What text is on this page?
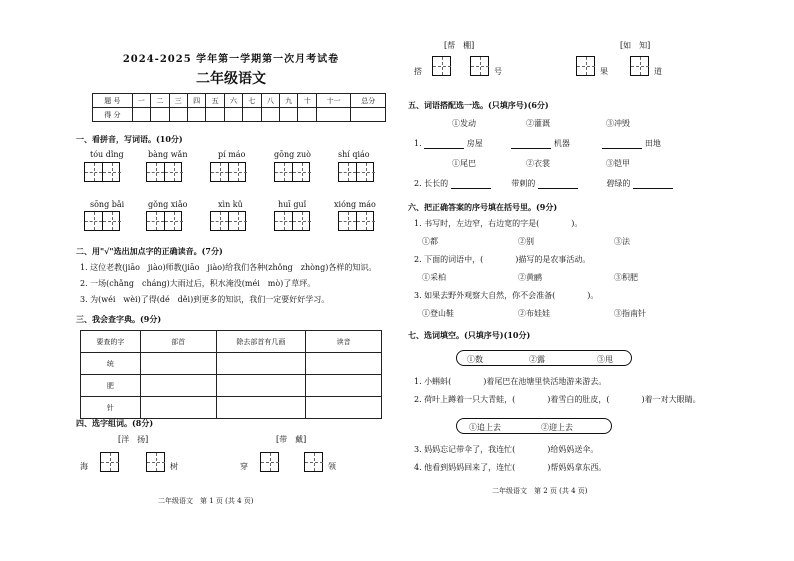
2024-2025 学年第一学期第一次月考试卷
二年级语文
题 号	一	二	三	四	五	六	七	八	九	十	十一	总分
得 分												
一、看拼音，写词语。(10分)
tóu dǐng	bàng wǎn	pí máo	gōng zuò	shí qiáo
sōng bǎi	gǒng xiǎo	xìn kǔ	huī guǐ	xióng máo
二、用"√"选出加点字的正确读音。(7分)
1. 这位老教(jiāo　jiào)师教(jiāo　jiào)给我们各种(zhǒng　zhòng)各样的知识。
2. 一场(chǎng　cháng)大雨过后，积水淹没(méi　mò)了草坪。
3. 为(wéi　wèi)了得(dé　děi)到更多的知识，我们一定要好好学习。
三、我会查字典。(9分)
要查的字	部首	除去部首有几画	读音
统			
肥			
针			
四、选字组词。(8分)
[洋　扬]	[带　戴]
海	树	穿	领
二年级语文　第 1 页 (共 4 页)
[帮　棚]	[如　知]
搭	号	果	道
五、词语搭配选一选。(只填序号)(6分)
①发动	②灌溉	③冲毁
1.	房屋	机器	田地
①尾巴	②衣裳	③铠甲
2. 长长的	带刺的	碧绿的
六、把正确答案的序号填在括号里。(9分)
1. 书写时，左边窄，右边宽的字是(　　　　)。
①都	②别	③法
2. 下面的词语中，(　　　　)描写的是农事活动。
①采柏	②黄鹂	③积肥
3. 如果去野外观察大自然，你不会准备(　　　　)。
①登山鞋	②布娃娃	③指南针
七、选词填空。(只填序号)(10分)
①数	②露	③甩
1. 小蝌蚪(　　　　)着尾巴在池塘里快活地游来游去。
2. 荷叶上蹲着一只大青蛙，(　　　　)着雪白的肚皮，(　　　　)着一对大眼睛。
①追上去	②迎上去
3. 妈妈忘记带伞了，我连忙(　　　　)给妈妈送伞。
4. 他看到妈妈回来了，连忙(　　　　)帮妈妈拿东西。
二年级语文　第 2 页 (共 4 页)
